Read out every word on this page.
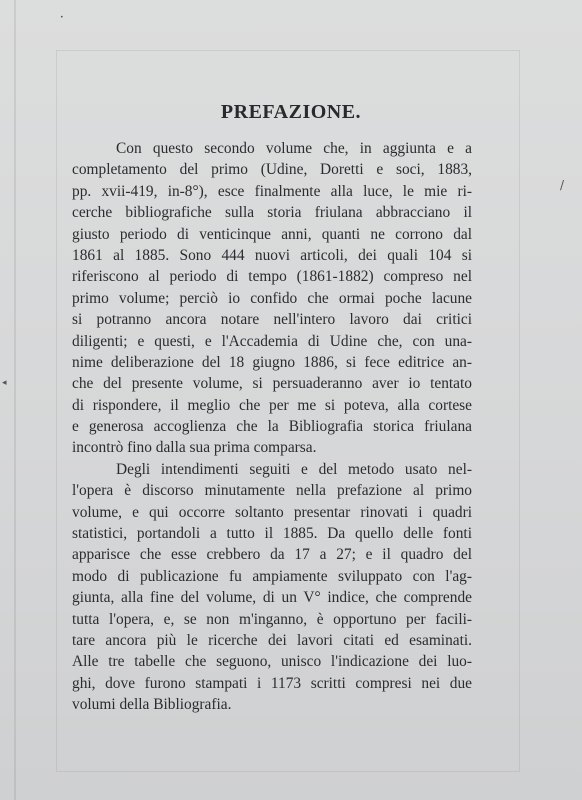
•
◂
/
PREFAZIONE.
Con questo secondo volume che, in aggiunta e a
completamento del primo (Udine, Doretti e soci, 1883,
pp. xvii-419, in-8°), esce finalmente alla luce, le mie ri-
cerche bibliografiche sulla storia friulana abbracciano il
giusto periodo di venticinque anni, quanti ne corrono dal
1861 al 1885. Sono 444 nuovi articoli, dei quali 104 si
riferiscono al periodo di tempo (1861-1882) compreso nel
primo volume; perciò io confido che ormai poche lacune
si potranno ancora notare nell'intero lavoro dai critici
diligenti; e questi, e l'Accademia di Udine che, con una-
nime deliberazione del 18 giugno 1886, si fece editrice an-
che del presente volume, si persuaderanno aver io tentato
di rispondere, il meglio che per me si poteva, alla cortese
e generosa accoglienza che la Bibliografia storica friulana
incontrò fino dalla sua prima comparsa.
Degli intendimenti seguiti e del metodo usato nel-
l'opera è discorso minutamente nella prefazione al primo
volume, e qui occorre soltanto presentar rinovati i quadri
statistici, portandoli a tutto il 1885. Da quello delle fonti
apparisce che esse crebbero da 17 a 27; e il quadro del
modo di publicazione fu ampiamente sviluppato con l'ag-
giunta, alla fine del volume, di un V° indice, che comprende
tutta l'opera, e, se non m'inganno, è opportuno per facili-
tare ancora più le ricerche dei lavori citati ed esaminati.
Alle tre tabelle che seguono, unisco l'indicazione dei luo-
ghi, dove furono stampati i 1173 scritti compresi nei due
volumi della Bibliografia.
